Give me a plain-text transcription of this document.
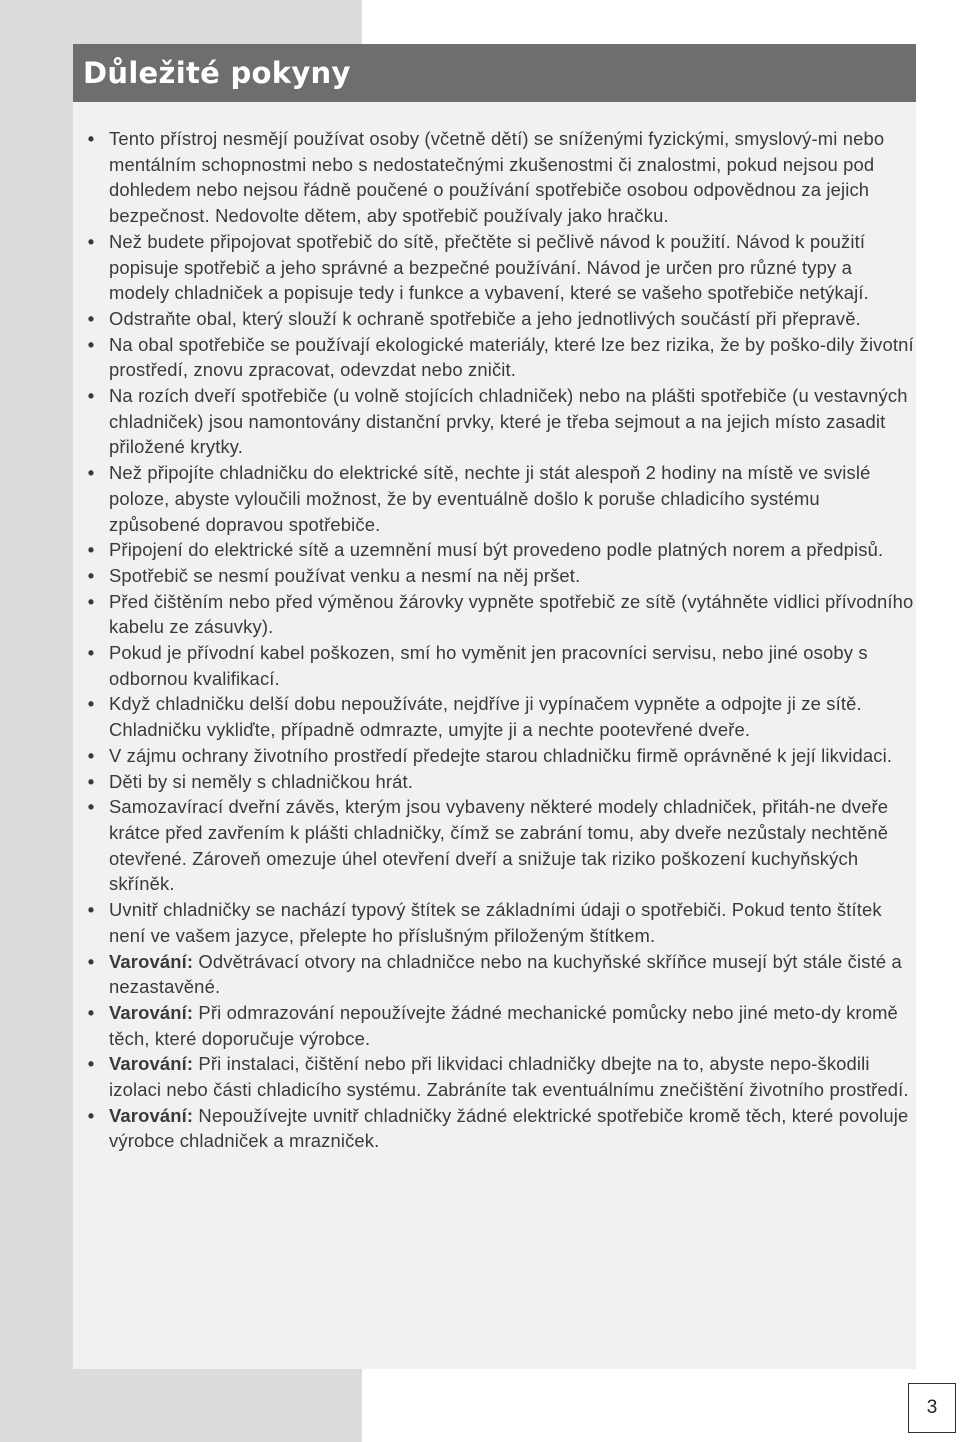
Důležité pokyny
• Tento přístroj nesmějí používat osoby (včetně dětí) se sníženými fyzickými, smyslový-mi nebo mentálním schopnostmi nebo s nedostatečnými zkušenostmi či znalostmi, pokud nejsou pod dohledem nebo nejsou řádně poučené o používání spotřebiče osobou odpovědnou za jejich bezpečnost. Nedovolte dětem, aby spotřebič používaly jako hračku.
• Než budete připojovat spotřebič do sítě, přečtěte si pečlivě návod k použití. Návod k použití popisuje spotřebič a jeho správné a bezpečné používání. Návod je určen pro různé typy a modely chladniček a popisuje tedy i funkce a vybavení, které se vašeho spotřebiče netýkají.
• Odstraňte obal, který slouží k ochraně spotřebiče a jeho jednotlivých součástí při přepravě.
• Na obal spotřebiče se používají ekologické materiály, které lze bez rizika, že by poško-dily životní prostředí, znovu zpracovat, odevzdat nebo zničit.
• Na rozích dveří spotřebiče (u volně stojících chladniček) nebo na plášti spotřebiče (u vestavných chladniček) jsou namontovány distanční prvky, které je třeba sejmout a na jejich místo zasadit přiložené krytky.
• Než připojíte chladničku do elektrické sítě, nechte ji stát alespoň 2 hodiny na místě ve svislé poloze, abyste vyloučili možnost, že by eventuálně došlo k poruše chladicího systému způsobené dopravou spotřebiče.
• Připojení do elektrické sítě a uzemnění musí být provedeno podle platných norem a předpisů.
• Spotřebič se nesmí používat venku a nesmí na něj pršet.
• Před čištěním nebo před výměnou žárovky vypněte spotřebič ze sítě (vytáhněte vidlici přívodního kabelu ze zásuvky).
• Pokud je přívodní kabel poškozen, smí ho vyměnit jen pracovníci servisu, nebo jiné osoby s odbornou kvalifikací.
• Když chladničku delší dobu nepoužíváte, nejdříve ji vypínačem vypněte a odpojte ji ze sítě. Chladničku vykliďte, případně odmrazte, umyjte ji a nechte pootevřené dveře.
• V zájmu ochrany životního prostředí předejte starou chladničku firmě oprávněné k její likvidaci.
• Děti by si neměly s chladničkou hrát.
• Samozavírací dveřní závěs, kterým jsou vybaveny některé modely chladniček, přitáh-ne dveře krátce před zavřením k plášti chladničky, čímž se zabrání tomu, aby dveře nezůstaly nechtěně otevřené. Zároveň omezuje úhel otevření dveří a snižuje tak riziko poškození kuchyňských skříněk.
• Uvnitř chladničky se nachází typový štítek se základními údaji o spotřebiči. Pokud tento štítek není ve vašem jazyce, přelepte ho příslušným přiloženým štítkem.
• Varování: Odvětrávací otvory na chladničce nebo na kuchyňské skříňce musejí být stále čisté a nezastavěné.
• Varování: Při odmrazování nepoužívejte žádné mechanické pomůcky nebo jiné meto-dy kromě těch, které doporučuje výrobce.
• Varování: Při instalaci, čištění nebo při likvidaci chladničky dbejte na to, abyste nepo-škodili izolaci nebo části chladicího systému. Zabráníte tak eventuálnímu znečištění životního prostředí.
• Varování: Nepoužívejte uvnitř chladničky žádné elektrické spotřebiče kromě těch, které povoluje výrobce chladniček a mrazniček.
3
